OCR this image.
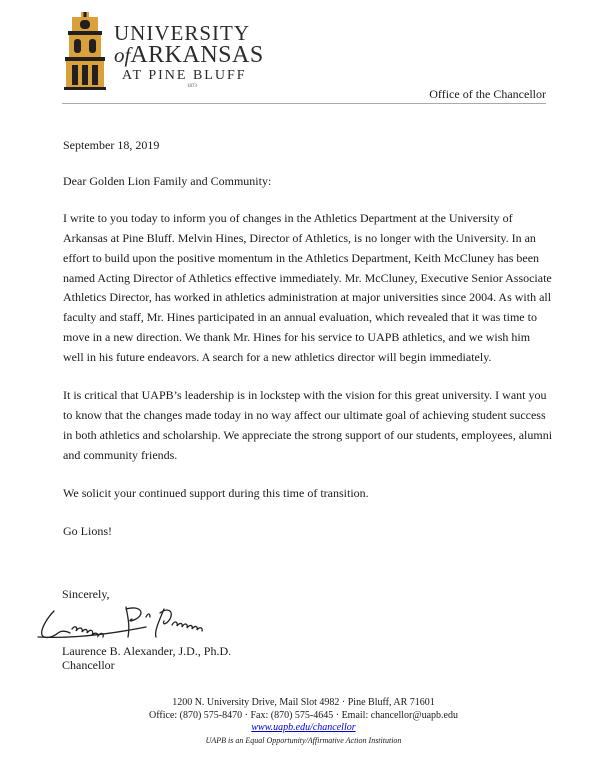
UNIVERSITY
ofARKANSAS
AT PINE BLUFF
1873
Office of the Chancellor

September 18, 2019

Dear Golden Lion Family and Community:

I write to you today to inform you of changes in the Athletics Department at the University of Arkansas at Pine Bluff. Melvin Hines, Director of Athletics, is no longer with the University. In an effort to build upon the positive momentum in the Athletics Department, Keith McCluney has been named Acting Director of Athletics effective immediately. Mr. McCluney, Executive Senior Associate Athletics Director, has worked in athletics administration at major universities since 2004. As with all faculty and staff, Mr. Hines participated in an annual evaluation, which revealed that it was time to move in a new direction. We thank Mr. Hines for his service to UAPB athletics, and we wish him well in his future endeavors. A search for a new athletics director will begin immediately.

It is critical that UAPB’s leadership is in lockstep with the vision for this great university. I want you to know that the changes made today in no way affect our ultimate goal of achieving student success in both athletics and scholarship. We appreciate the strong support of our students, employees, alumni and community friends.

We solicit your continued support during this time of transition.

Go Lions!

Sincerely,
Laurence B. Alexander, J.D., Ph.D.
Chancellor
1200 N. University Drive, Mail Slot 4982 · Pine Bluff, AR 71601
Office: (870) 575-8470 · Fax: (870) 575-4645 · Email: chancellor@uapb.edu
www.uapb.edu/chancellor
UAPB is an Equal Opportunity/Affirmative Action Institution
